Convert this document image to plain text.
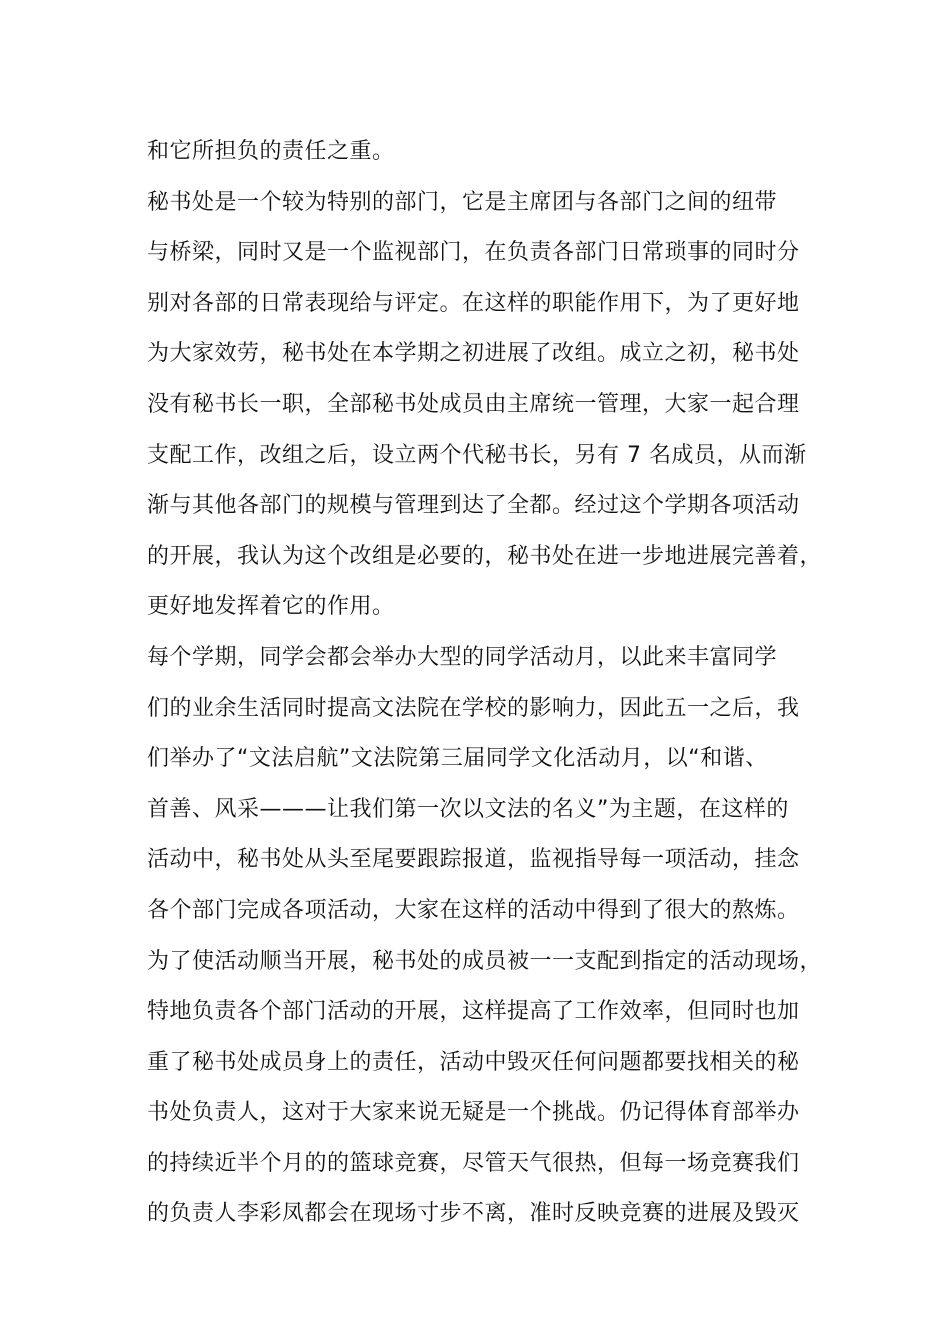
和它所担负的责任之重。
秘书处是一个较为特别的部门，它是主席团与各部门之间的纽带
与桥梁，同时又是一个监视部门，在负责各部门日常琐事的同时分
别对各部的日常表现给与评定。在这样的职能作用下，为了更好地
为大家效劳，秘书处在本学期之初进展了改组。成立之初，秘书处
没有秘书长一职，全部秘书处成员由主席统一管理，大家一起合理
支配工作，改组之后，设立两个代秘书长，另有 7 名成员，从而渐
渐与其他各部门的规模与管理到达了全都。经过这个学期各项活动
的开展，我认为这个改组是必要的，秘书处在进一步地进展完善着，
更好地发挥着它的作用。
每个学期，同学会都会举办大型的同学活动月，以此来丰富同学
们的业余生活同时提高文法院在学校的影响力，因此五一之后，我
们举办了“文法启航”文法院第三届同学文化活动月，以“和谐、
首善、风采———让我们第一次以文法的名义”为主题，在这样的
活动中，秘书处从头至尾要跟踪报道，监视指导每一项活动，挂念
各个部门完成各项活动，大家在这样的活动中得到了很大的熬炼。
为了使活动顺当开展，秘书处的成员被一一支配到指定的活动现场，
特地负责各个部门活动的开展，这样提高了工作效率，但同时也加
重了秘书处成员身上的责任，活动中毁灭任何问题都要找相关的秘
书处负责人，这对于大家来说无疑是一个挑战。仍记得体育部举办
的持续近半个月的的篮球竞赛，尽管天气很热，但每一场竞赛我们
的负责人李彩凤都会在现场寸步不离，准时反映竞赛的进展及毁灭
